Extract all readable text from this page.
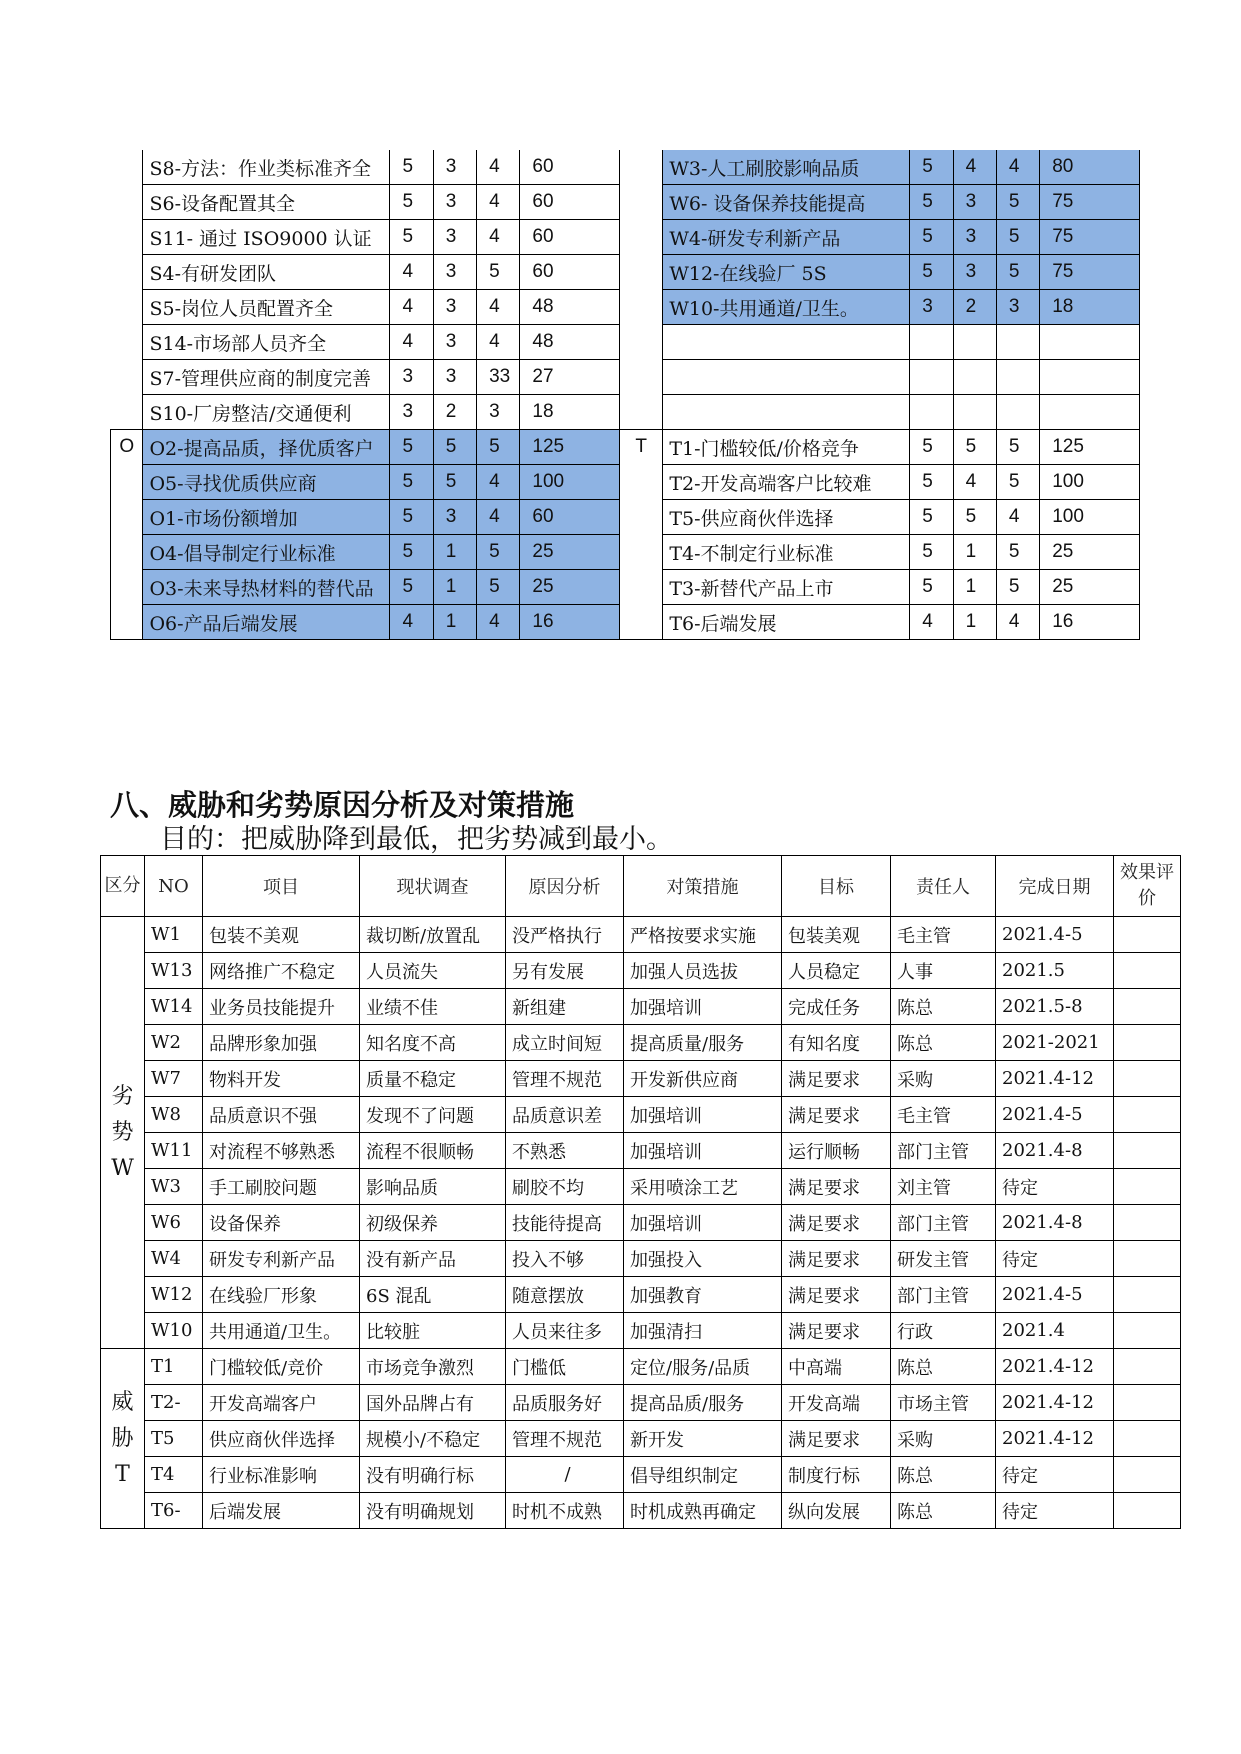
	S8-方法：作业类标准齐全	5	3	4	60		W3-人工刷胶影响品质	5	4	4	80
	S6-设备配置其全	5	3	4	60		W6- 设备保养技能提高	5	3	5	75
	S11- 通过 ISO9000 认证	5	3	4	60		W4-研发专利新产品	5	3	5	75
	S4-有研发团队	4	3	5	60		W12-在线验厂 5S	5	3	5	75
	S5-岗位人员配置齐全	4	3	4	48		W10-共用通道/卫生。	3	2	3	18
	S14-市场部人员齐全	4	3	4	48						
	S7-管理供应商的制度完善	3	3	33	27						
	S10-厂房整洁/交通便利	3	2	3	18						
O	O2-提高品质，择优质客户	5	5	5	125	T	T1-门槛较低/价格竞争	5	5	5	125
	O5-寻找优质供应商	5	5	4	100		T2-开发高端客户比较难	5	4	5	100
	O1-市场份额增加	5	3	4	60		T5-供应商伙伴选择	5	5	4	100
	O4-倡导制定行业标准	5	1	5	25		T4-不制定行业标准	5	1	5	25
	O3-未来导热材料的替代品	5	1	5	25		T3-新替代产品上市	5	1	5	25
	O6-产品后端发展	4	1	4	16		T6-后端发展	4	1	4	16
八、威胁和劣势原因分析及对策措施
目的：把威胁降到最低，把劣势减到最小。
区分	NO	项目	现状调查	原因分析	对策措施	目标	责任人	完成日期	效果评价
劣势W	W1	包装不美观	裁切断/放置乱	没严格执行	严格按要求实施	包装美观	毛主管	2021.4-5	
	W13	网络推广不稳定	人员流失	另有发展	加强人员选拔	人员稳定	人事	2021.5	
	W14	业务员技能提升	业绩不佳	新组建	加强培训	完成任务	陈总	2021.5-8	
	W2	品牌形象加强	知名度不高	成立时间短	提高质量/服务	有知名度	陈总	2021-2021	
	W7	物料开发	质量不稳定	管理不规范	开发新供应商	满足要求	采购	2021.4-12	
	W8	品质意识不强	发现不了问题	品质意识差	加强培训	满足要求	毛主管	2021.4-5	
	W11	对流程不够熟悉	流程不很顺畅	不熟悉	加强培训	运行顺畅	部门主管	2021.4-8	
	W3	手工刷胶问题	影响品质	刷胶不均	采用喷涂工艺	满足要求	刘主管	待定	
	W6	设备保养	初级保养	技能待提高	加强培训	满足要求	部门主管	2021.4-8	
	W4	研发专利新产品	没有新产品	投入不够	加强投入	满足要求	研发主管	待定	
	W12	在线验厂形象	6S 混乱	随意摆放	加强教育	满足要求	部门主管	2021.4-5	
	W10	共用通道/卫生。	比较脏	人员来往多	加强清扫	满足要求	行政	2021.4	
威胁T	T1	门槛较低/竞价	市场竞争激烈	门槛低	定位/服务/品质	中高端	陈总	2021.4-12	
	T2-	开发高端客户	国外品牌占有	品质服务好	提高品质/服务	开发高端	市场主管	2021.4-12	
	T5	供应商伙伴选择	规模小/不稳定	管理不规范	新开发	满足要求	采购	2021.4-12	
	T4	行业标准影响	没有明确行标	/	倡导组织制定	制度行标	陈总	待定	
	T6-	后端发展	没有明确规划	时机不成熟	时机成熟再确定	纵向发展	陈总	待定	
